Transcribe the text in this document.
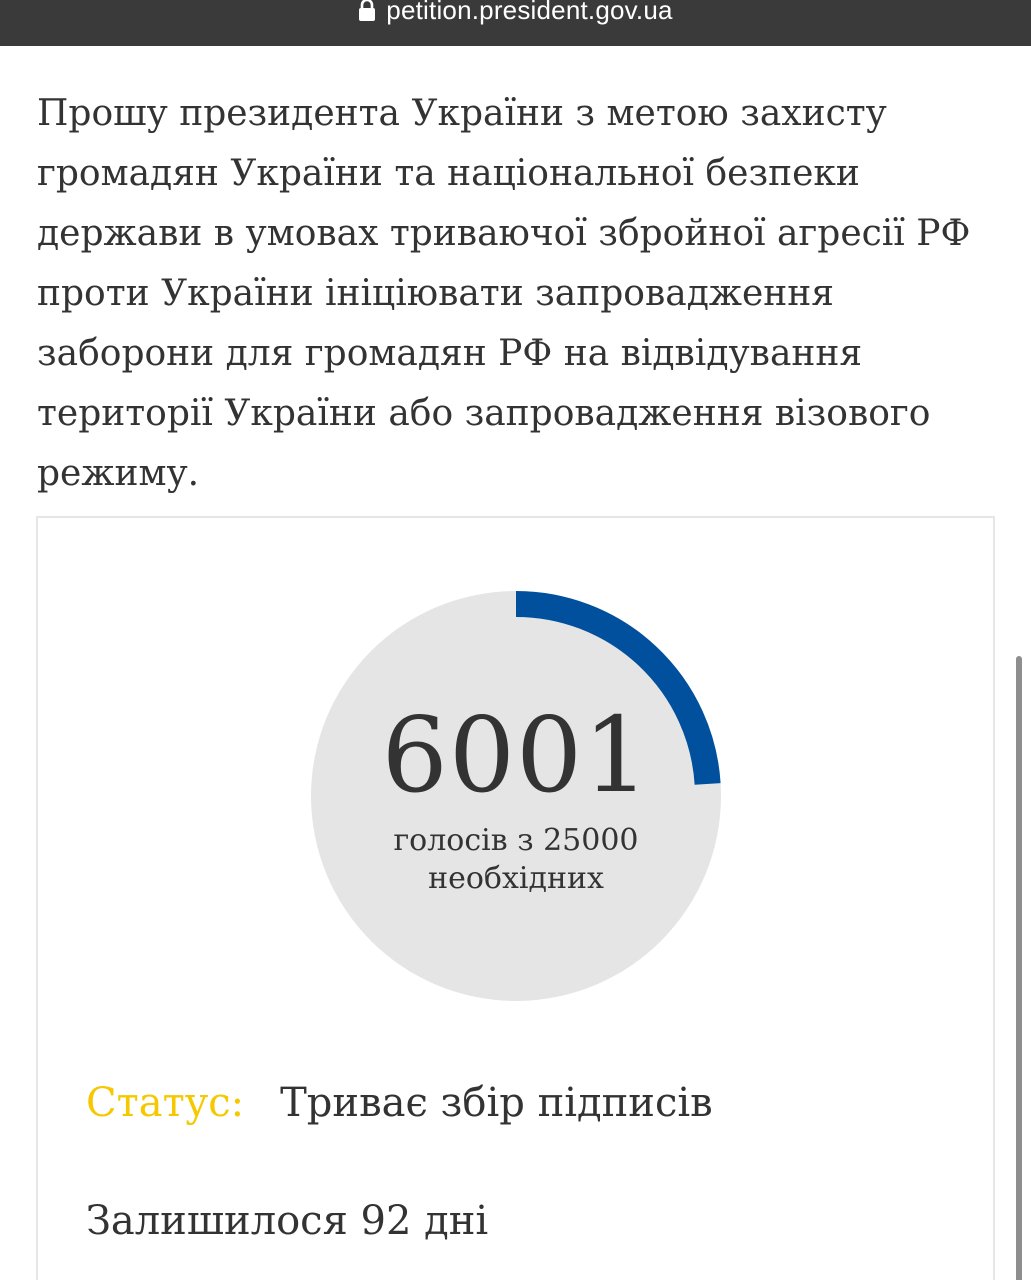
petition.president.gov.ua

Прошу президента України з метою захисту громадян України та національної безпеки держави в умовах триваючої збройної агресії РФ проти України ініціювати запровадження заборони для громадян РФ на відвідування території України або запровадження візового режиму.

6001
голосів з 25000 необхідних
Статус: Триває збір підписів
Залишилося 92 дні
